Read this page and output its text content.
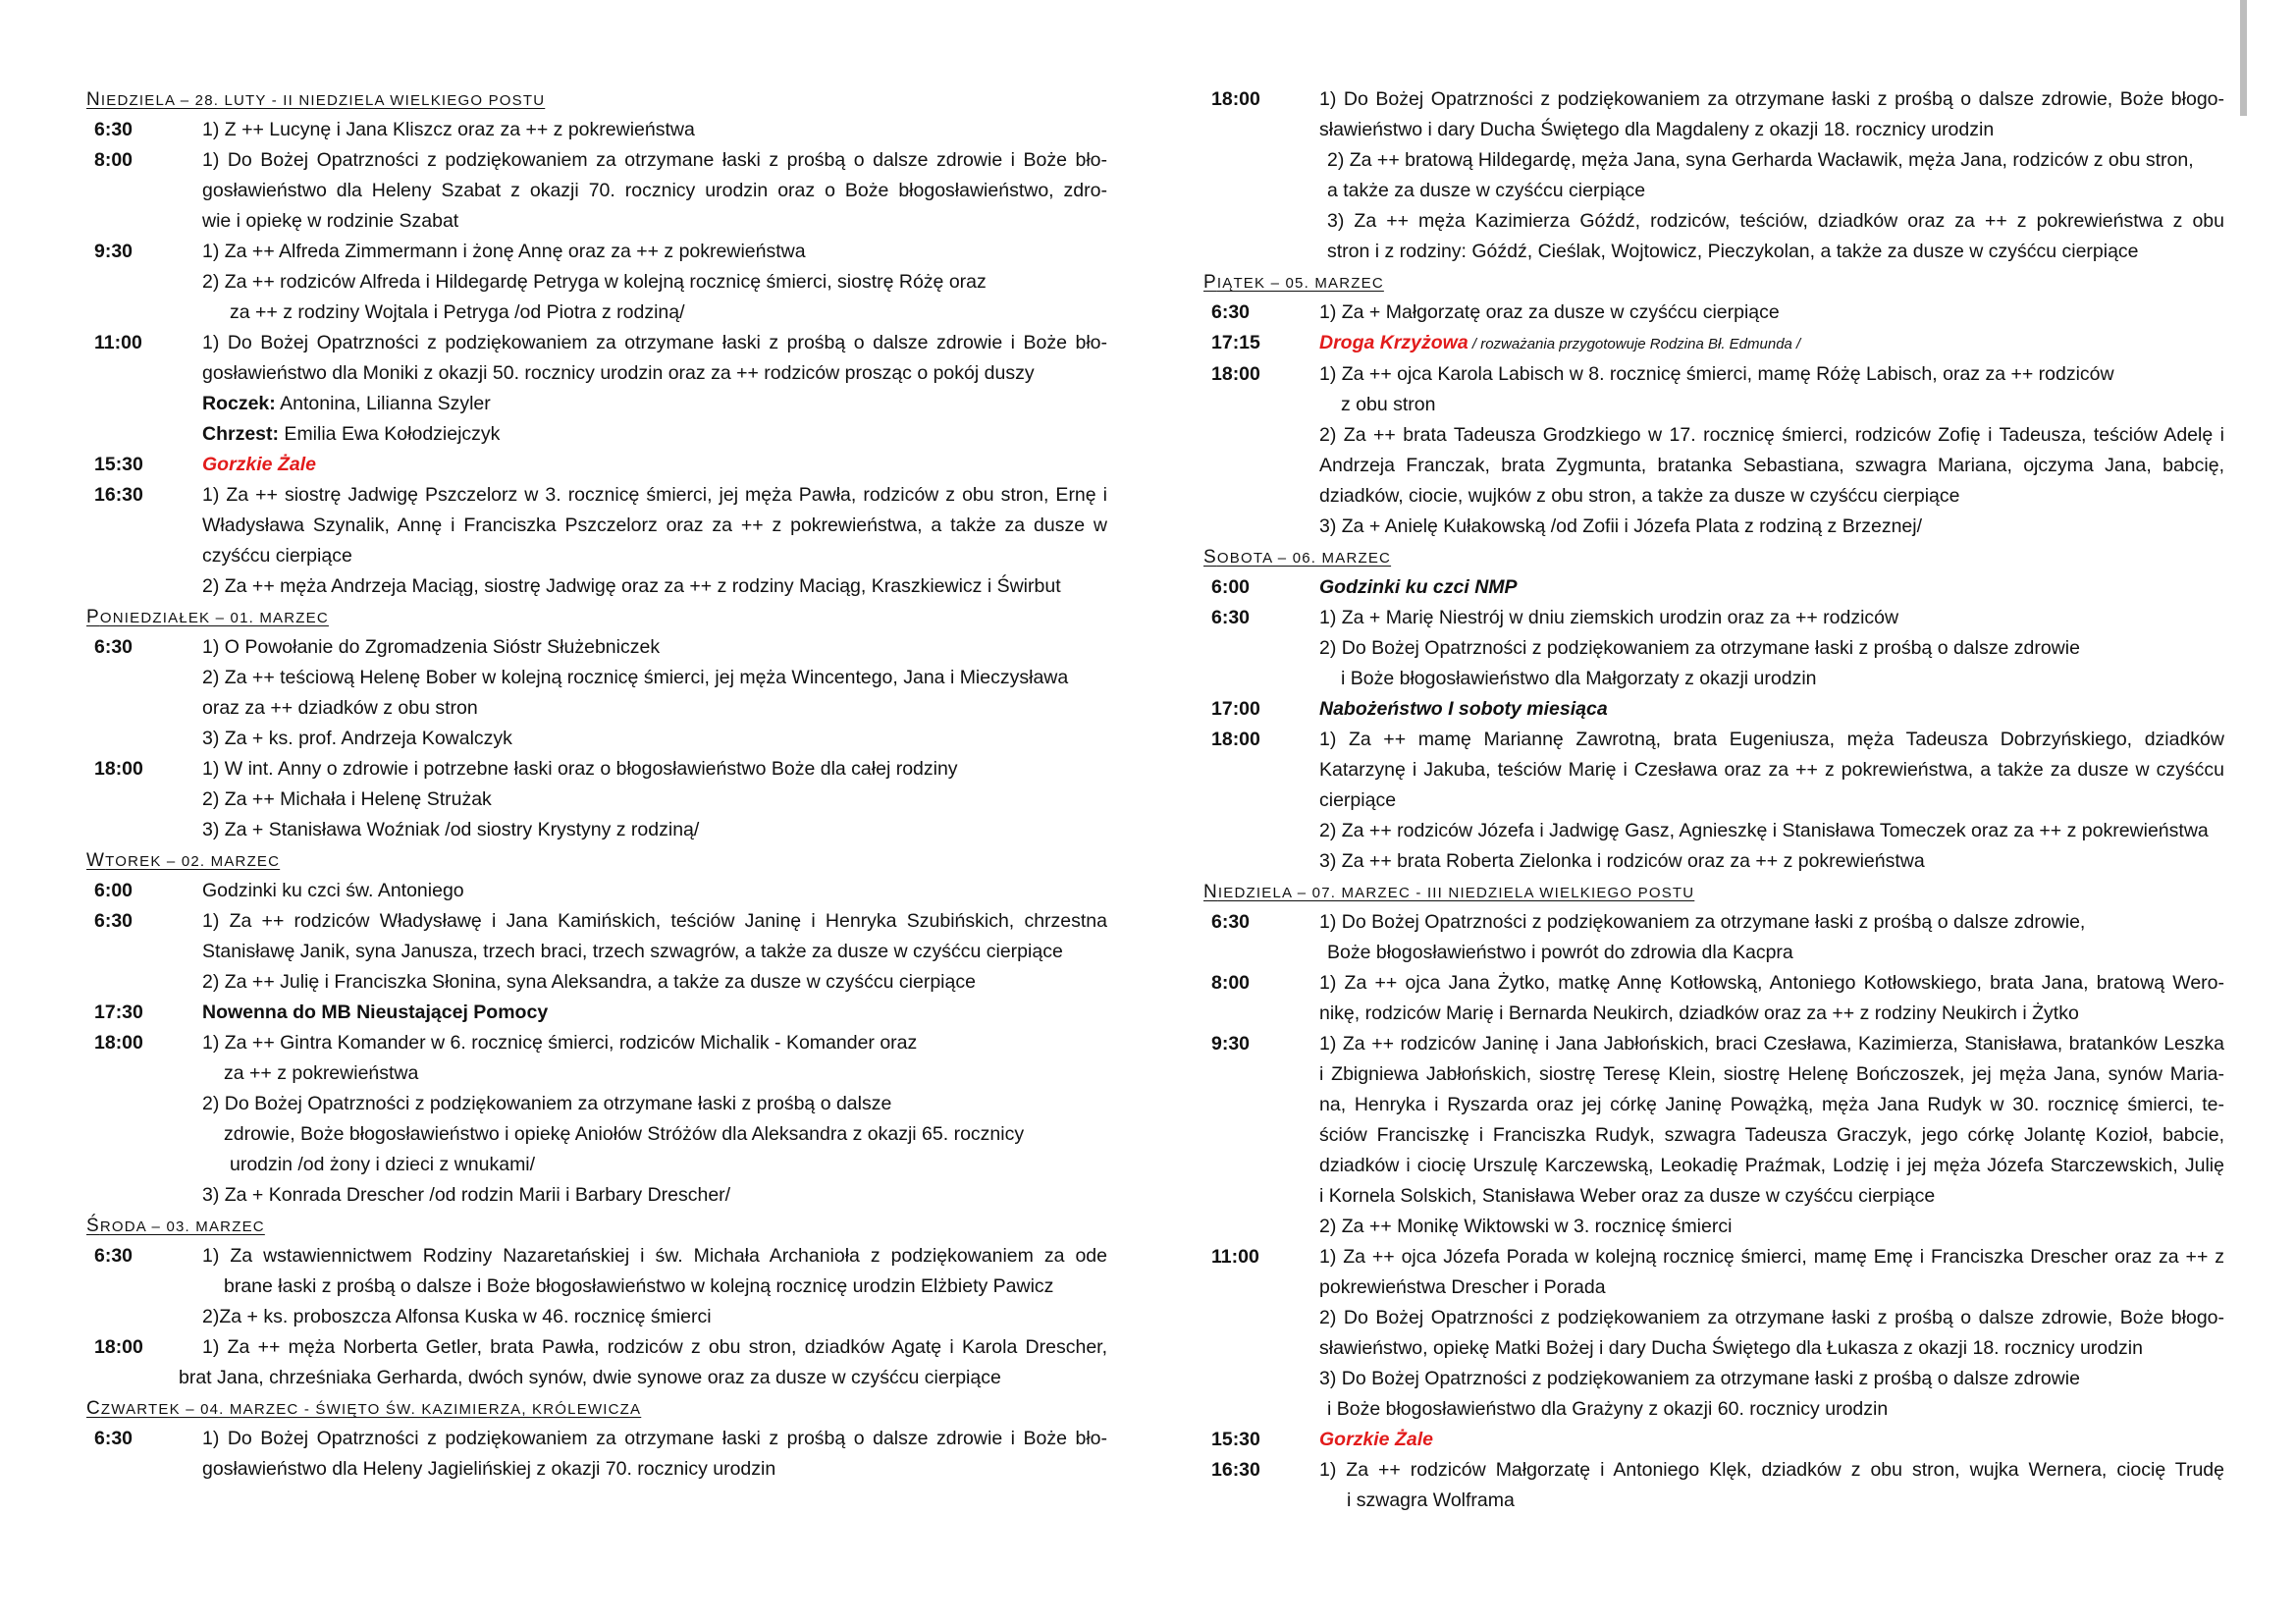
NIEDZIELA – 28. LUTY - II NIEDZIELA WIELKIEGO POSTU
6:30	1) Z ++ Lucynę i Jana Kliszcz oraz za ++ z pokrewieństwa
8:00	1) Do Bożej Opatrzności z podziękowaniem za otrzymane łaski z prośbą o dalsze zdrowie i Boże bło-
gosławieństwo dla Heleny Szabat z okazji 70. rocznicy urodzin oraz o Boże błogosławieństwo, zdro-
wie i opiekę w rodzinie Szabat
9:30	1) Za ++ Alfreda Zimmermann i żonę Annę oraz za ++ z pokrewieństwa
2) Za ++ rodziców Alfreda i Hildegardę Petryga w kolejną rocznicę śmierci, siostrę Różę oraz
za ++ z rodziny Wojtala i Petryga /od Piotra z rodziną/
11:00	1) Do Bożej Opatrzności z podziękowaniem za otrzymane łaski z prośbą o dalsze zdrowie i Boże bło-
gosławieństwo dla Moniki z okazji 50. rocznicy urodzin oraz za ++ rodziców prosząc o pokój duszy
Roczek: Antonina, Lilianna Szyler
Chrzest: Emilia Ewa Kołodziejczyk
15:30	Gorzkie Żale
16:30	1) Za ++ siostrę Jadwigę Pszczelorz w 3. rocznicę śmierci, jej męża Pawła, rodziców z obu stron, Ernę i
Władysława Szynalik, Annę i Franciszka Pszczelorz oraz za ++ z pokrewieństwa, a także za dusze w
czyśćcu cierpiące
2) Za ++ męża Andrzeja Maciąg, siostrę Jadwigę oraz za ++ z rodziny Maciąg, Kraszkiewicz i Świrbut
PONIEDZIAŁEK – 01. MARZEC
6:30	1) O Powołanie do Zgromadzenia Sióstr Służebniczek
2) Za ++ teściową Helenę Bober w kolejną rocznicę śmierci, jej męża Wincentego, Jana i Mieczysława
oraz za ++ dziadków z obu stron
3) Za + ks. prof. Andrzeja Kowalczyk
18:00	1) W int. Anny o zdrowie i potrzebne łaski oraz o błogosławieństwo Boże dla całej rodziny
2) Za ++ Michała i Helenę Strużak
3) Za + Stanisława Woźniak /od siostry Krystyny z rodziną/
WTOREK – 02. MARZEC
6:00	Godzinki ku czci św. Antoniego
6:30	1) Za ++ rodziców Władysławę i Jana Kamińskich, teściów Janinę i Henryka Szubińskich, chrzestna
Stanisławę Janik, syna Janusza, trzech braci, trzech szwagrów, a także za dusze w czyśćcu cierpiące
2) Za ++ Julię i Franciszka Słonina, syna Aleksandra, a także za dusze w czyśćcu cierpiące
17:30	Nowenna do MB Nieustającej Pomocy
18:00	1) Za ++ Gintra Komander w 6. rocznicę śmierci, rodziców Michalik - Komander oraz
za ++ z pokrewieństwa
2) Do Bożej Opatrzności z podziękowaniem za otrzymane łaski z prośbą o dalsze
zdrowie, Boże błogosławieństwo i opiekę Aniołów Stróżów dla Aleksandra z okazji 65. rocznicy
urodzin /od żony i dzieci z wnukami/
3) Za + Konrada Drescher /od rodzin Marii i Barbary Drescher/
ŚRODA – 03. MARZEC
6:30	1) Za wstawiennictwem Rodziny Nazaretańskiej i św. Michała Archanioła z podziękowaniem za ode
brane łaski z prośbą o dalsze i Boże błogosławieństwo w kolejną rocznicę urodzin Elżbiety Pawicz
2)Za + ks. proboszcza Alfonsa Kuska w 46. rocznicę śmierci
18:00	1) Za ++ męża Norberta Getler, brata Pawła, rodziców z obu stron, dziadków Agatę i Karola Drescher,
brat Jana, chrześniaka Gerharda, dwóch synów, dwie synowe oraz za dusze w czyśćcu cierpiące
CZWARTEK – 04. MARZEC - ŚWIĘTO ŚW. KAZIMIERZA, KRÓLEWICZA
6:30	1) Do Bożej Opatrzności z podziękowaniem za otrzymane łaski z prośbą o dalsze zdrowie i Boże bło-
gosławieństwo dla Heleny Jagielińskiej z okazji 70. rocznicy urodzin
18:00	1) Do Bożej Opatrzności z podziękowaniem za otrzymane łaski z prośbą o dalsze zdrowie, Boże błogo-
sławieństwo i dary Ducha Świętego dla Magdaleny z okazji 18. rocznicy urodzin
2) Za ++ bratową Hildegardę, męża Jana, syna Gerharda Wacławik, męża Jana, rodziców z obu stron,
a także za dusze w czyśćcu cierpiące
3) Za ++ męża Kazimierza Góźdź, rodziców, teściów, dziadków oraz za ++ z pokrewieństwa z obu
stron i z rodziny: Góźdź, Cieślak, Wojtowicz, Pieczykolan, a także za dusze w czyśćcu cierpiące
PIĄTEK – 05. MARZEC
6:30	1) Za + Małgorzatę oraz za dusze w czyśćcu cierpiące
17:15	Droga Krzyżowa / rozważania przygotowuje Rodzina Bł. Edmunda /
18:00	1) Za ++ ojca Karola Labisch w 8. rocznicę śmierci, mamę Różę Labisch, oraz za ++ rodziców
z obu stron
2) Za ++ brata Tadeusza Grodzkiego w 17. rocznicę śmierci, rodziców Zofię i Tadeusza, teściów Adelę i
Andrzeja Franczak, brata Zygmunta, bratanka Sebastiana, szwagra Mariana, ojczyma Jana, babcię,
dziadków, ciocie, wujków z obu stron, a także za dusze w czyśćcu cierpiące
3) Za + Anielę Kułakowską /od Zofii i Józefa Plata z rodziną z Brzeznej/
SOBOTA – 06. MARZEC
6:00	Godzinki ku czci NMP
6:30	1) Za + Marię Niestrój w dniu ziemskich urodzin oraz za ++ rodziców
2) Do Bożej Opatrzności z podziękowaniem za otrzymane łaski z prośbą o dalsze zdrowie
i Boże błogosławieństwo dla Małgorzaty z okazji urodzin
17:00	Nabożeństwo I soboty miesiąca
18:00	1) Za ++ mamę Mariannę Zawrotną, brata Eugeniusza, męża Tadeusza Dobrzyńskiego, dziadków
Katarzynę i Jakuba, teściów Marię i Czesława oraz za ++ z pokrewieństwa, a także za dusze w czyśćcu
cierpiące
2) Za ++ rodziców Józefa i Jadwigę Gasz, Agnieszkę i Stanisława Tomeczek oraz za ++ z pokrewieństwa
3) Za ++ brata Roberta Zielonka i rodziców oraz za ++ z pokrewieństwa
NIEDZIELA – 07. MARZEC - III NIEDZIELA WIELKIEGO POSTU
6:30	1) Do Bożej Opatrzności z podziękowaniem za otrzymane łaski z prośbą o dalsze zdrowie,
Boże błogosławieństwo i powrót do zdrowia dla Kacpra
8:00	1) Za ++ ojca Jana Żytko, matkę Annę Kotłowską, Antoniego Kotłowskiego, brata Jana, bratową Wero-
nikę, rodziców Marię i Bernarda Neukirch, dziadków oraz za ++ z rodziny Neukirch i Żytko
9:30	1) Za ++ rodziców Janinę i Jana Jabłońskich, braci Czesława, Kazimierza, Stanisława, bratanków Leszka
i Zbigniewa Jabłońskich, siostrę Teresę Klein, siostrę Helenę Bończoszek, jej męża Jana, synów Maria-
na, Henryka i Ryszarda oraz jej córkę Janinę Powążką, męża Jana Rudyk w 30. rocznicę śmierci, te-
ściów Franciszkę i Franciszka Rudyk, szwagra Tadeusza Graczyk, jego córkę Jolantę Kozioł, babcie,
dziadków i ciocię Urszulę Karczewską, Leokadię Praźmak, Lodzię i jej męża Józefa Starczewskich, Julię
i Kornela Solskich, Stanisława Weber oraz za dusze w czyśćcu cierpiące
2) Za ++ Monikę Wiktowski w 3. rocznicę śmierci
11:00	1) Za ++ ojca Józefa Porada w kolejną rocznicę śmierci, mamę Emę i Franciszka Drescher oraz za ++ z
pokrewieństwa Drescher i Porada
2) Do Bożej Opatrzności z podziękowaniem za otrzymane łaski z prośbą o dalsze zdrowie, Boże błogo-
sławieństwo, opiekę Matki Bożej i dary Ducha Świętego dla Łukasza z okazji 18. rocznicy urodzin
3) Do Bożej Opatrzności z podziękowaniem za otrzymane łaski z prośbą o dalsze zdrowie
i Boże błogosławieństwo dla Grażyny z okazji 60. rocznicy urodzin
15:30	Gorzkie Żale
16:30	1) Za ++ rodziców Małgorzatę i Antoniego Klęk, dziadków z obu stron, wujka Wernera, ciocię Trudę
i szwagra Wolframa
